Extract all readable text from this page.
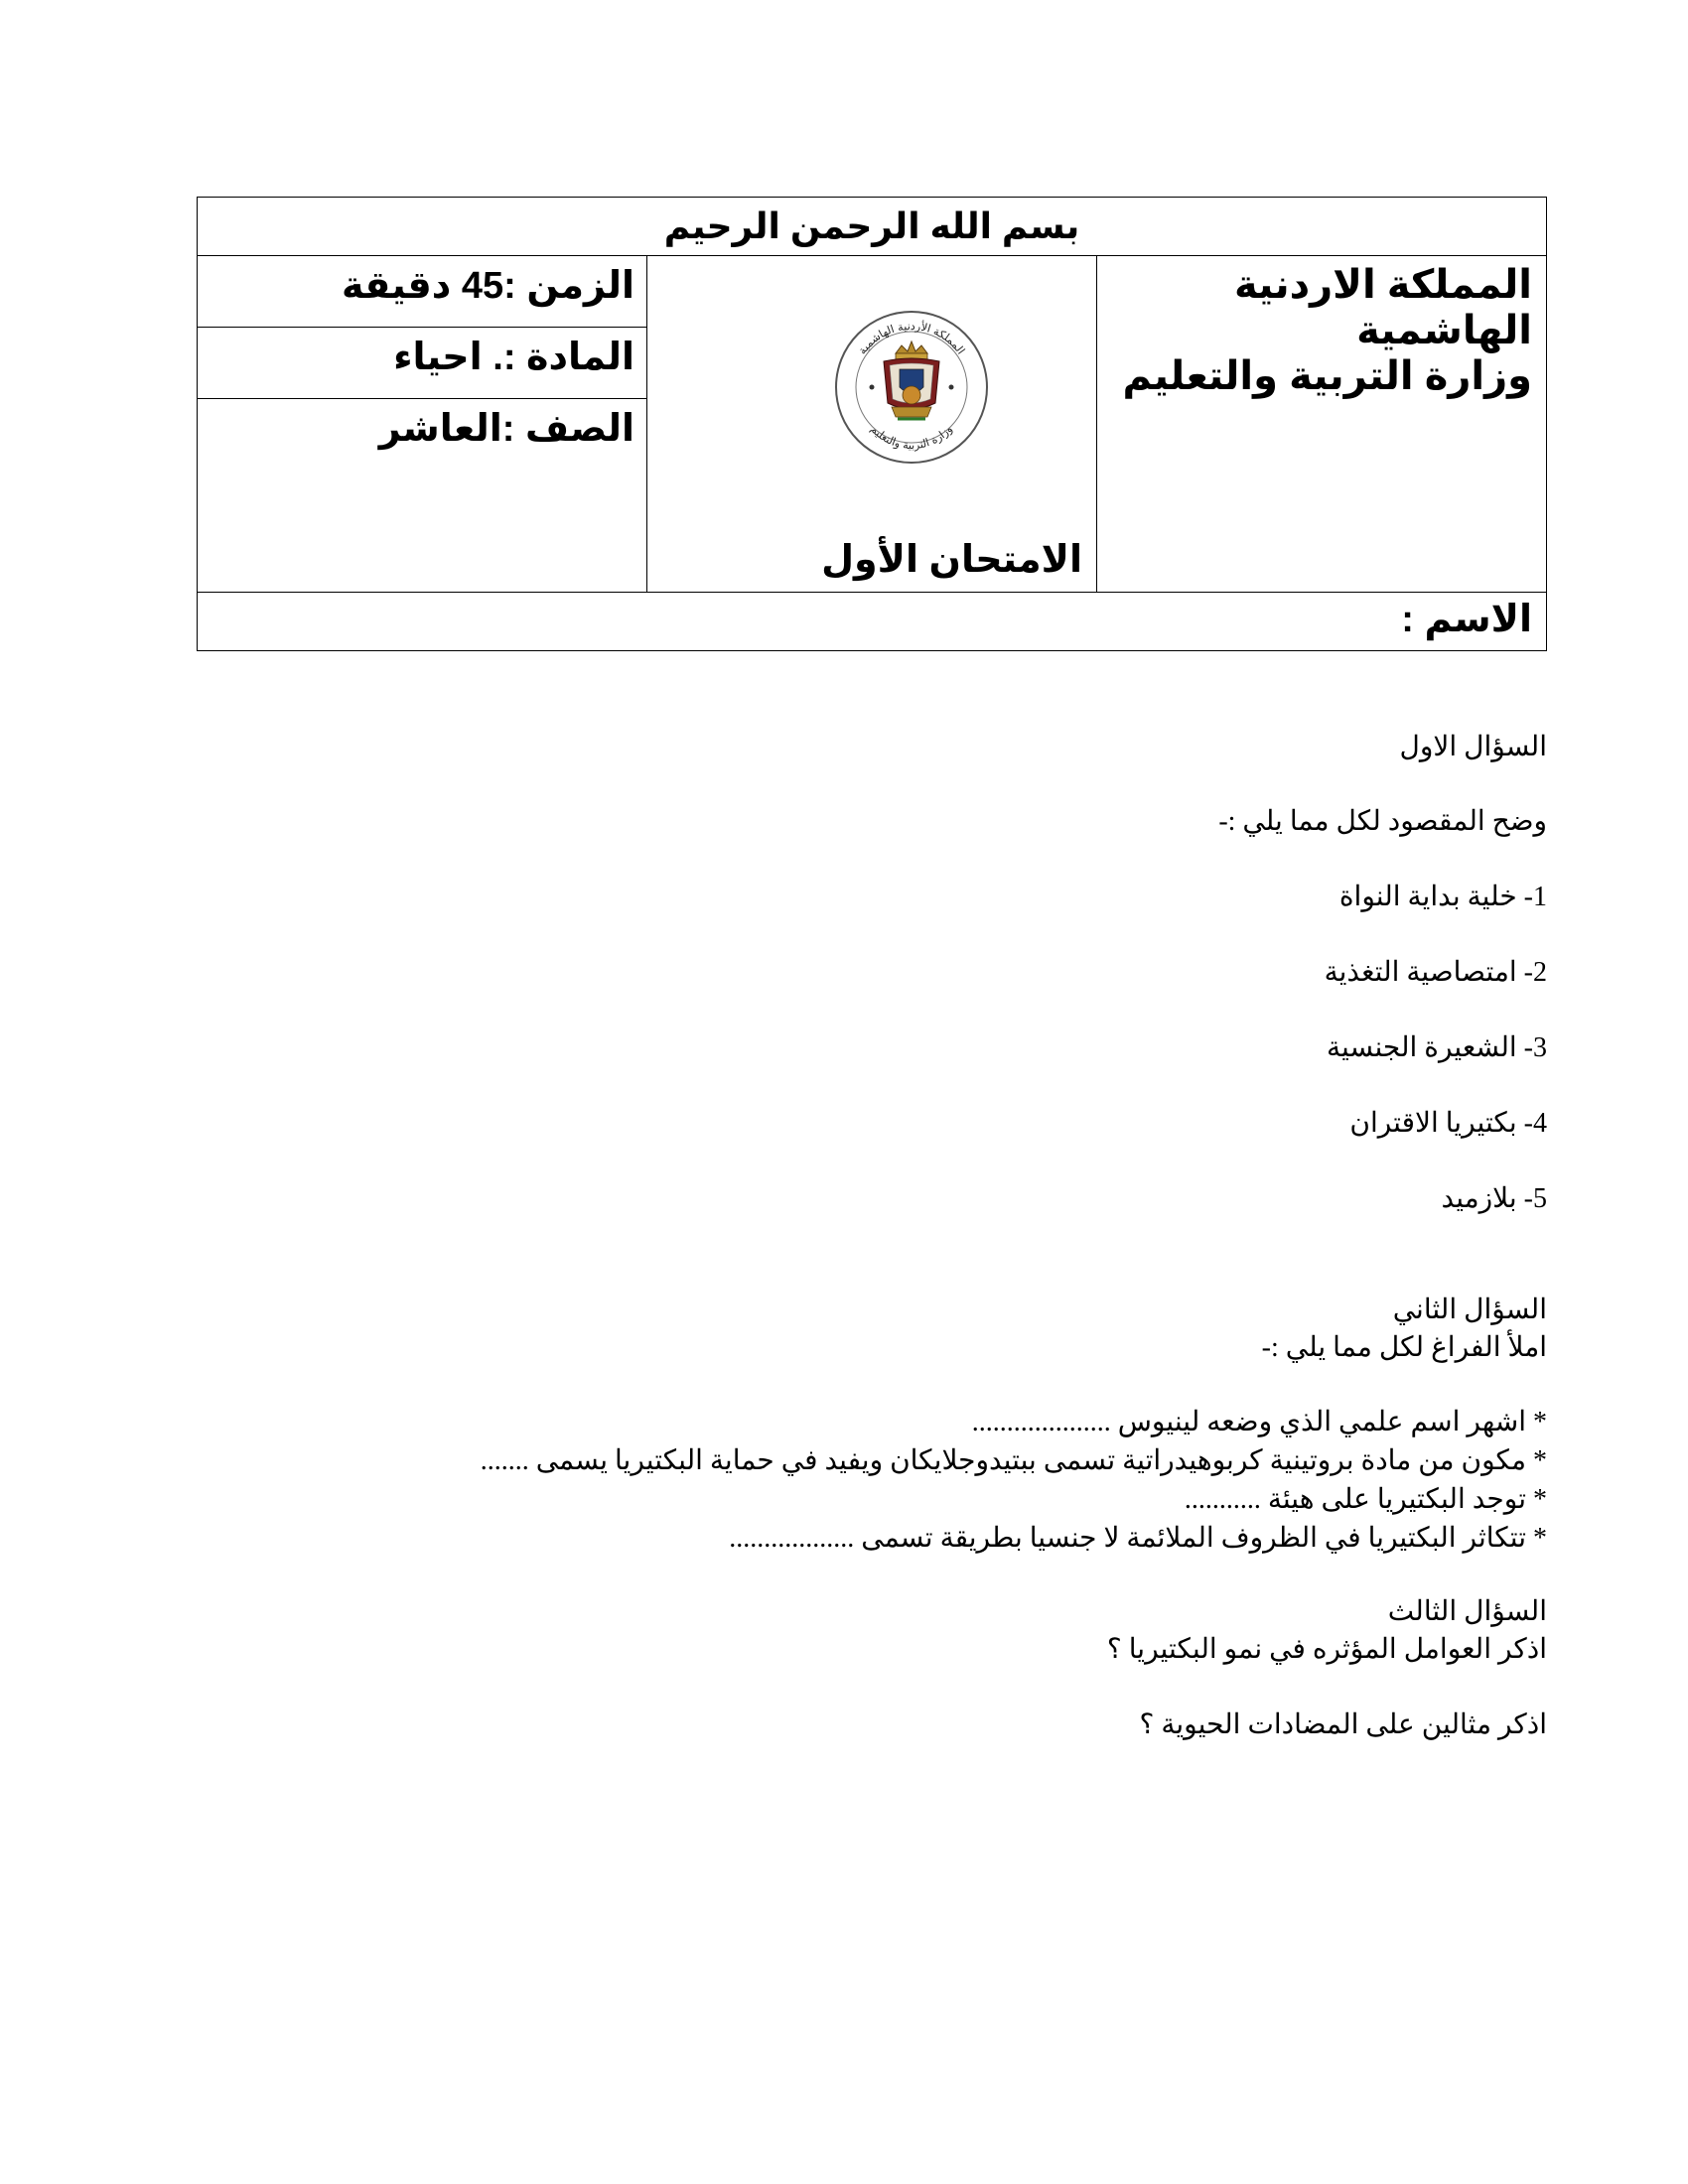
بسم الله الرحمن الرحيم

المملكة الاردنية الهاشمية
وزارة التربية والتعليم

المملكة الأردنية الهاشمية
وزارة التربية والتعليم
الامتحان الأول

الزمن :45 دقيقة
المادة :. احياء
الصف :العاشر

الاسم :
السؤال الاول
وضح المقصود لكل مما يلي :-
1- خلية بداية النواة
2- امتصاصية التغذية
3- الشعيرة الجنسية
4- بكتيريا الاقتران
5- بلازميد
السؤال الثاني
املأ الفراغ لكل مما يلي :-
* اشهر اسم علمي الذي وضعه لينيوس ....................
* مكون من مادة بروتينية كربوهيدراتية تسمى ببتيدوجلايكان ويفيد في حماية البكتيريا يسمى .......
* توجد البكتيريا على هيئة ...........
* تتكاثر البكتيريا في الظروف الملائمة لا جنسيا بطريقة تسمى ..................
السؤال الثالث
اذكر العوامل المؤثره في نمو البكتيريا ؟
اذكر مثالين على المضادات الحيوية ؟
